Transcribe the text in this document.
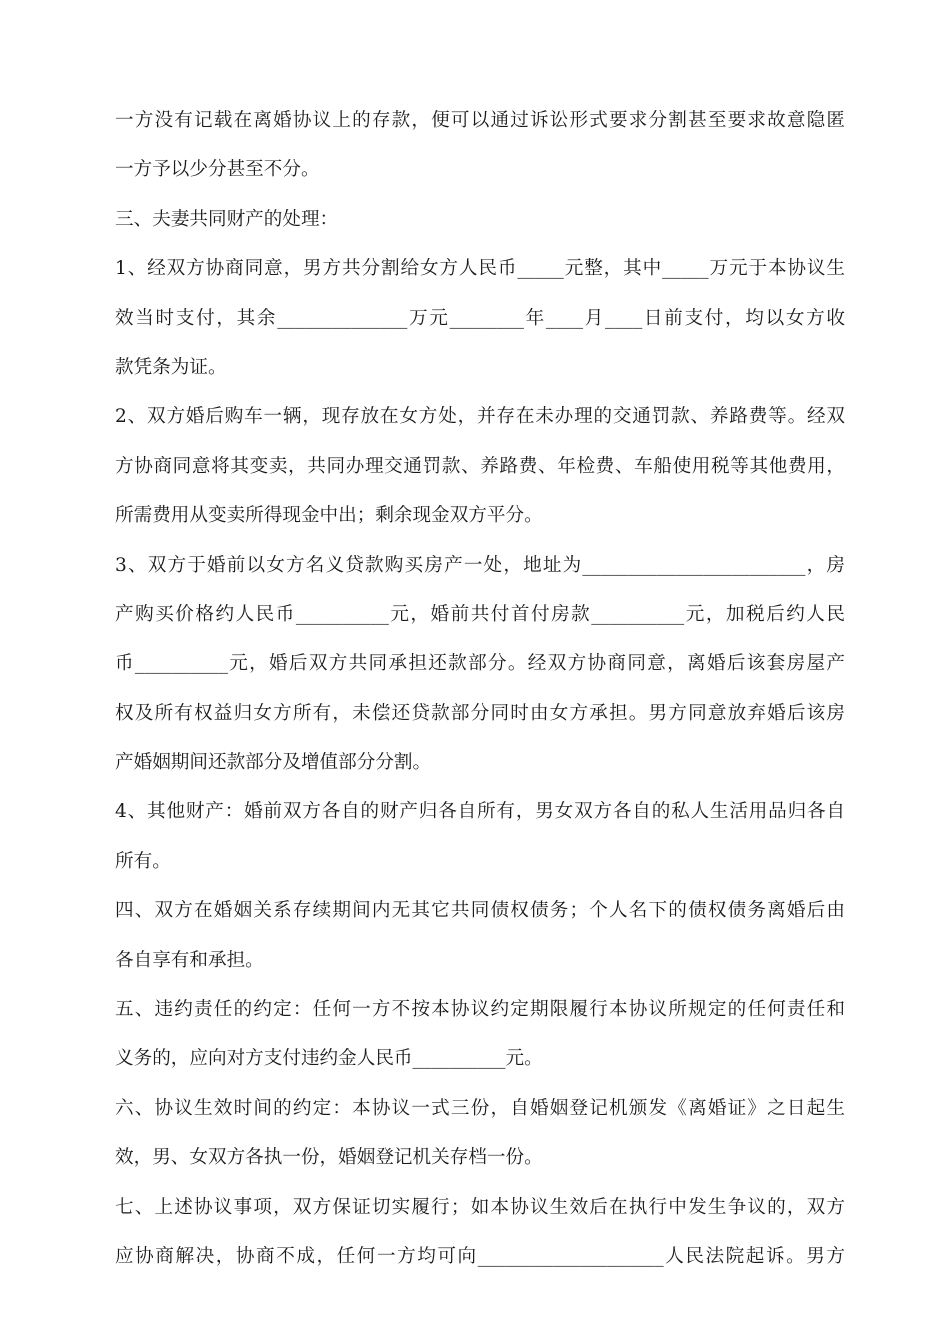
一方没有记载在离婚协议上的存款，便可以通过诉讼形式要求分割甚至要求故意隐匿
一方予以少分甚至不分。
三、夫妻共同财产的处理：
1、经双方协商同意，男方共分割给女方人民币_____元整，其中_____万元于本协议生
效当时支付，其余______________万元________年____月____日前支付，均以女方收
款凭条为证。
2、双方婚后购车一辆，现存放在女方处，并存在未办理的交通罚款、养路费等。经双
方协商同意将其变卖，共同办理交通罚款、养路费、年检费、车船使用税等其他费用，
所需费用从变卖所得现金中出；剩余现金双方平分。
3、双方于婚前以女方名义贷款购买房产一处，地址为________________________，房
产购买价格约人民币__________元，婚前共付首付房款__________元，加税后约人民
币__________元，婚后双方共同承担还款部分。经双方协商同意，离婚后该套房屋产
权及所有权益归女方所有，未偿还贷款部分同时由女方承担。男方同意放弃婚后该房
产婚姻期间还款部分及增值部分分割。
4、其他财产：婚前双方各自的财产归各自所有，男女双方各自的私人生活用品归各自
所有。
四、双方在婚姻关系存续期间内无其它共同债权债务；个人名下的债权债务离婚后由
各自享有和承担。
五、违约责任的约定：任何一方不按本协议约定期限履行本协议所规定的任何责任和
义务的，应向对方支付违约金人民币__________元。
六、协议生效时间的约定：本协议一式三份，自婚姻登记机颁发《离婚证》之日起生
效，男、女双方各执一份，婚姻登记机关存档一份。
七、上述协议事项，双方保证切实履行；如本协议生效后在执行中发生争议的，双方
应协商解决，协商不成，任何一方均可向____________________人民法院起诉。男方
